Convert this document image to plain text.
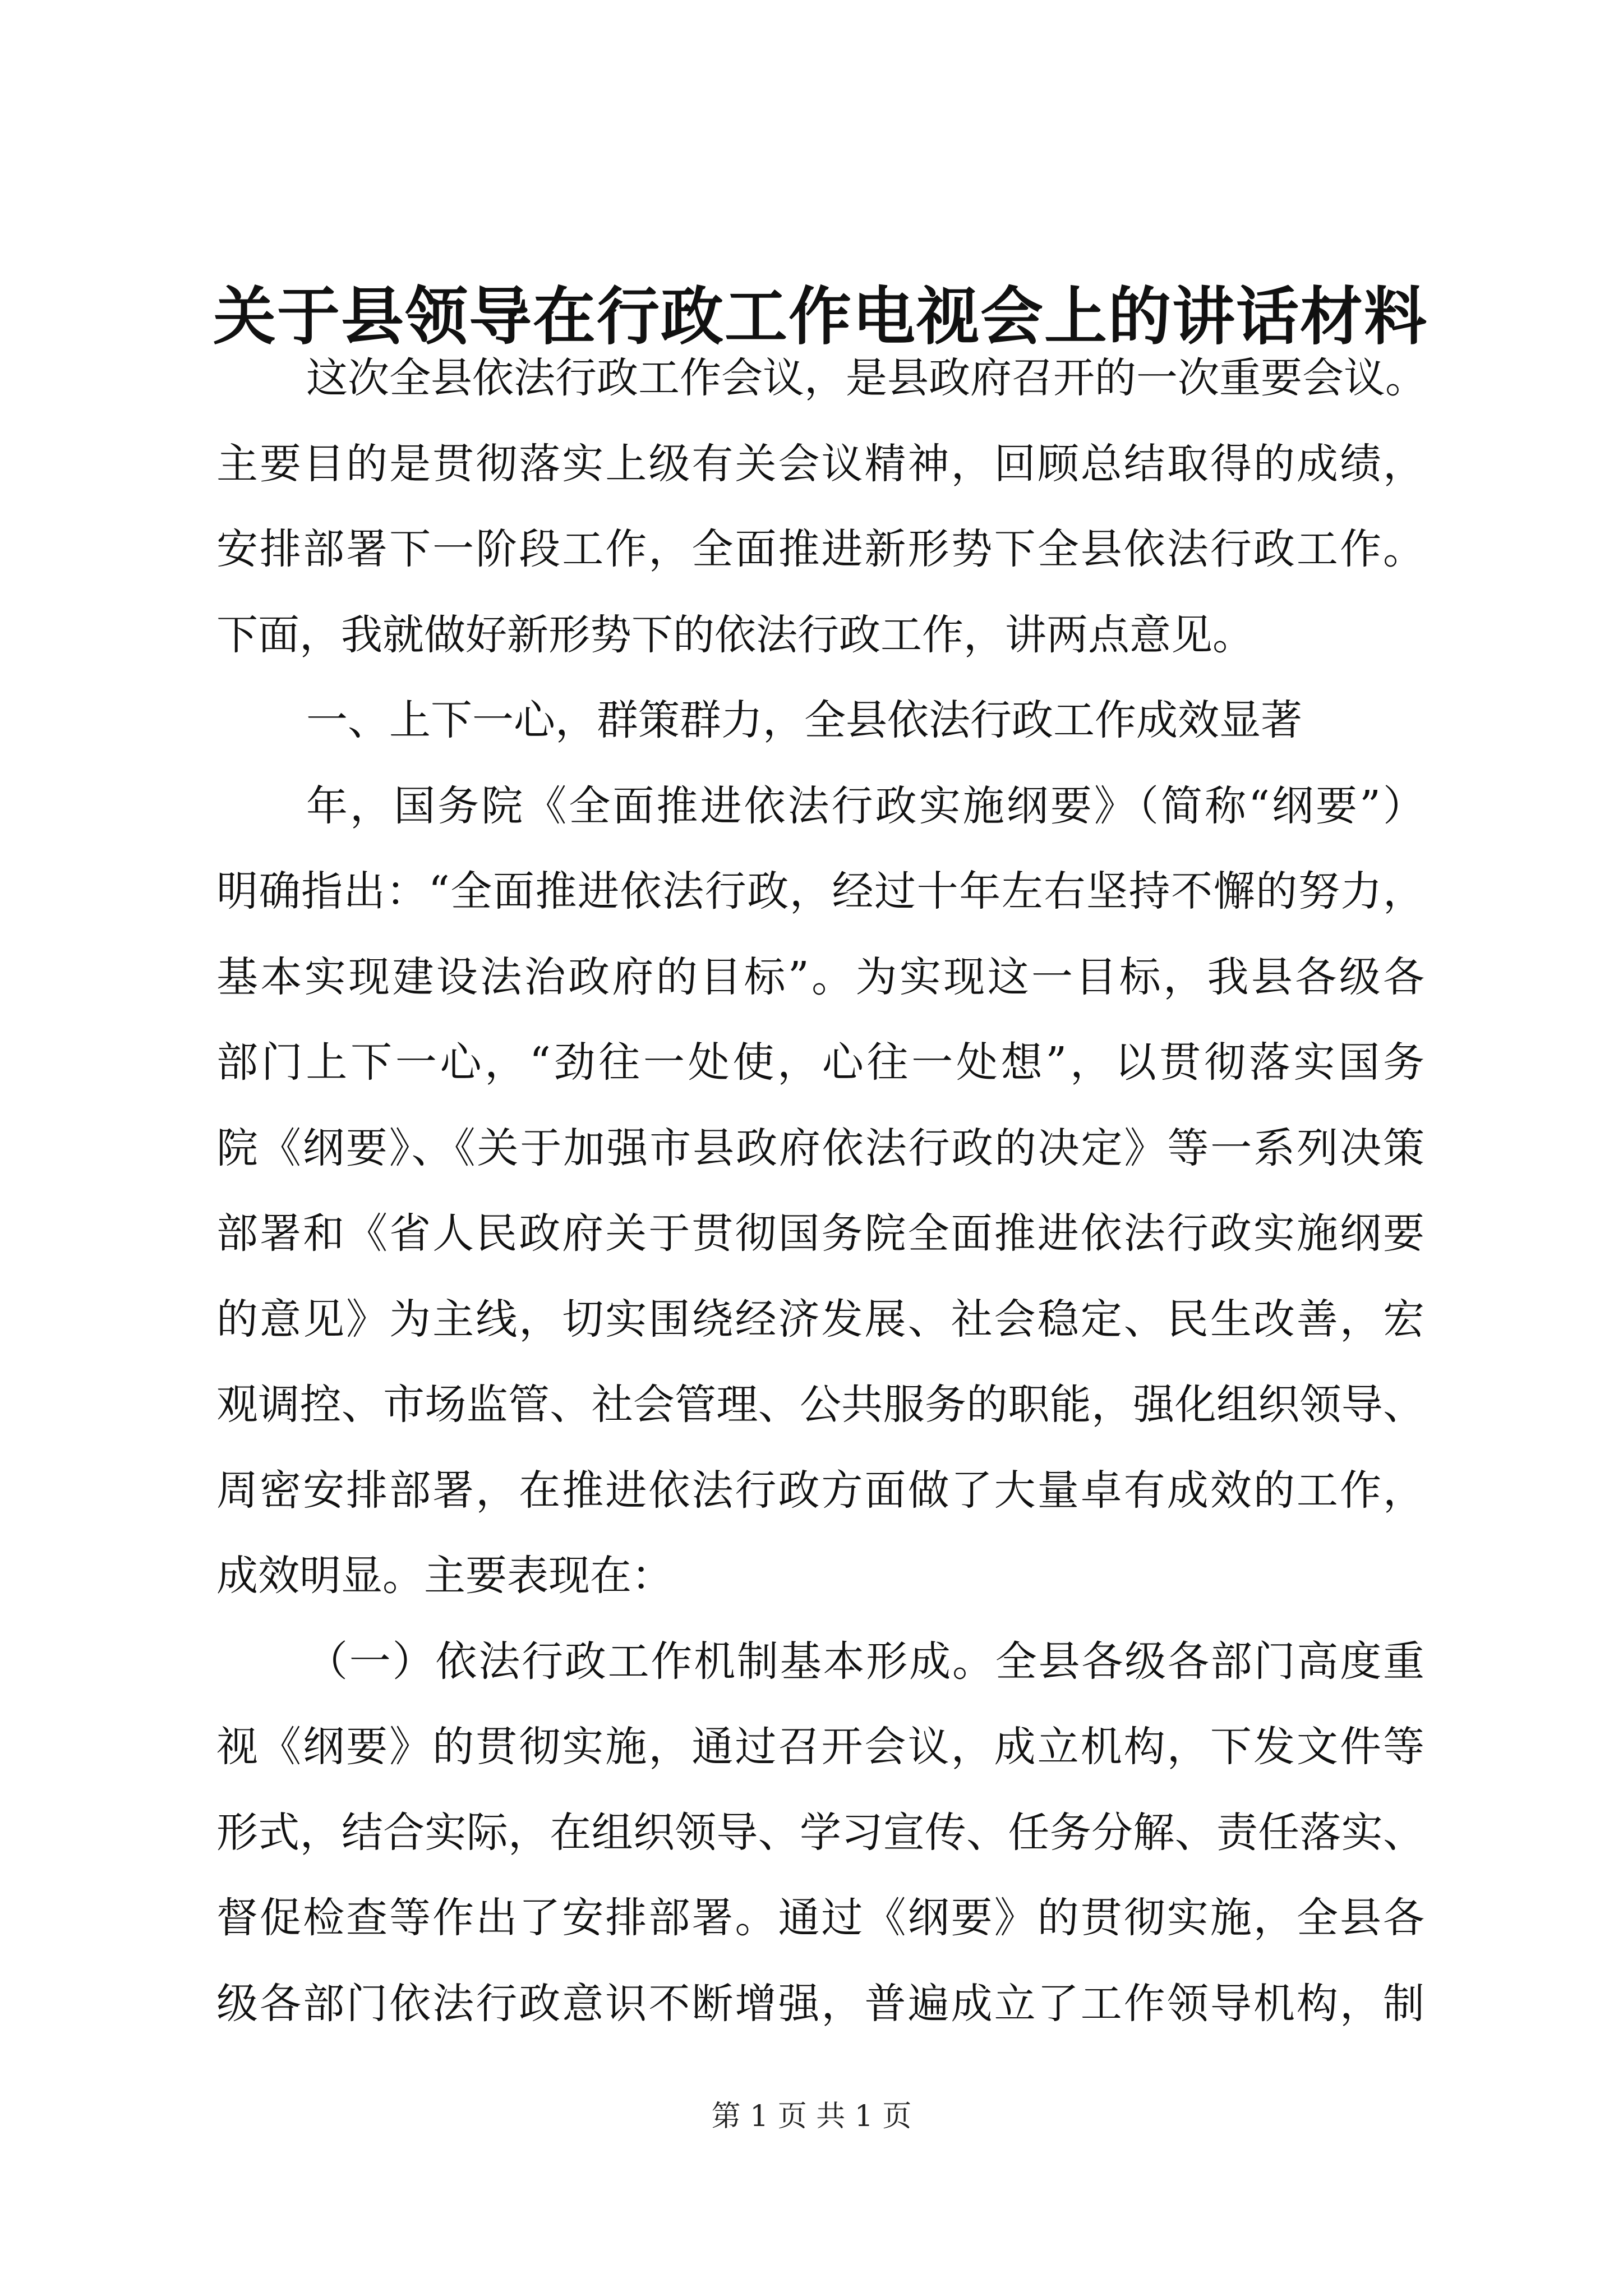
关于县领导在行政工作电视会上的讲话材料
这次全县依法行政工作会议，是县政府召开的一次重要会议。
主要目的是贯彻落实上级有关会议精神，回顾总结取得的成绩，
安排部署下一阶段工作，全面推进新形势下全县依法行政工作。
下面，我就做好新形势下的依法行政工作，讲两点意见。
一、上下一心，群策群力，全县依法行政工作成效显著
年，国务院《全面推进依法行政实施纲要》（简称“纲要”）
明确指出：“全面推进依法行政，经过十年左右坚持不懈的努力，
基本实现建设法治政府的目标”。为实现这一目标，我县各级各
部门上下一心，“劲往一处使，心往一处想”，以贯彻落实国务
院《纲要》、《关于加强市县政府依法行政的决定》等一系列决策
部署和《省人民政府关于贯彻国务院全面推进依法行政实施纲要
的意见》为主线，切实围绕经济发展、社会稳定、民生改善，宏
观调控、市场监管、社会管理、公共服务的职能，强化组织领导、
周密安排部署，在推进依法行政方面做了大量卓有成效的工作，
成效明显。主要表现在：
（一）依法行政工作机制基本形成。全县各级各部门高度重
视《纲要》的贯彻实施，通过召开会议，成立机构，下发文件等
形式，结合实际，在组织领导、学习宣传、任务分解、责任落实、
督促检查等作出了安排部署。通过《纲要》的贯彻实施，全县各
级各部门依法行政意识不断增强，普遍成立了工作领导机构，制
第 1 页 共 1 页
